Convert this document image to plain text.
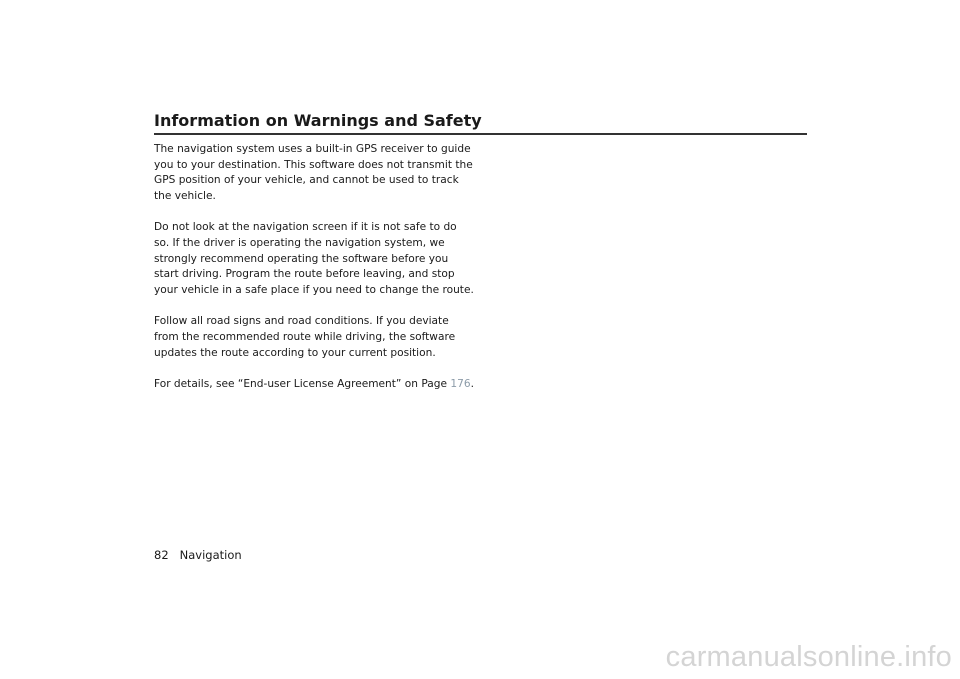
Information on Warnings and Safety

The navigation system uses a built-in GPS receiver to guide you to your destination. This software does not transmit the GPS position of your vehicle, and cannot be used to track the vehicle.

Do not look at the navigation screen if it is not safe to do so. If the driver is operating the navigation system, we strongly recommend operating the software before you start driving. Program the route before leaving, and stop your vehicle in a safe place if you need to change the route.

Follow all road signs and road conditions. If you deviate from the recommended route while driving, the software updates the route according to your current position.

For details, see “End-user License Agreement” on Page 176.

82 Navigation
carmanualsonline.info
